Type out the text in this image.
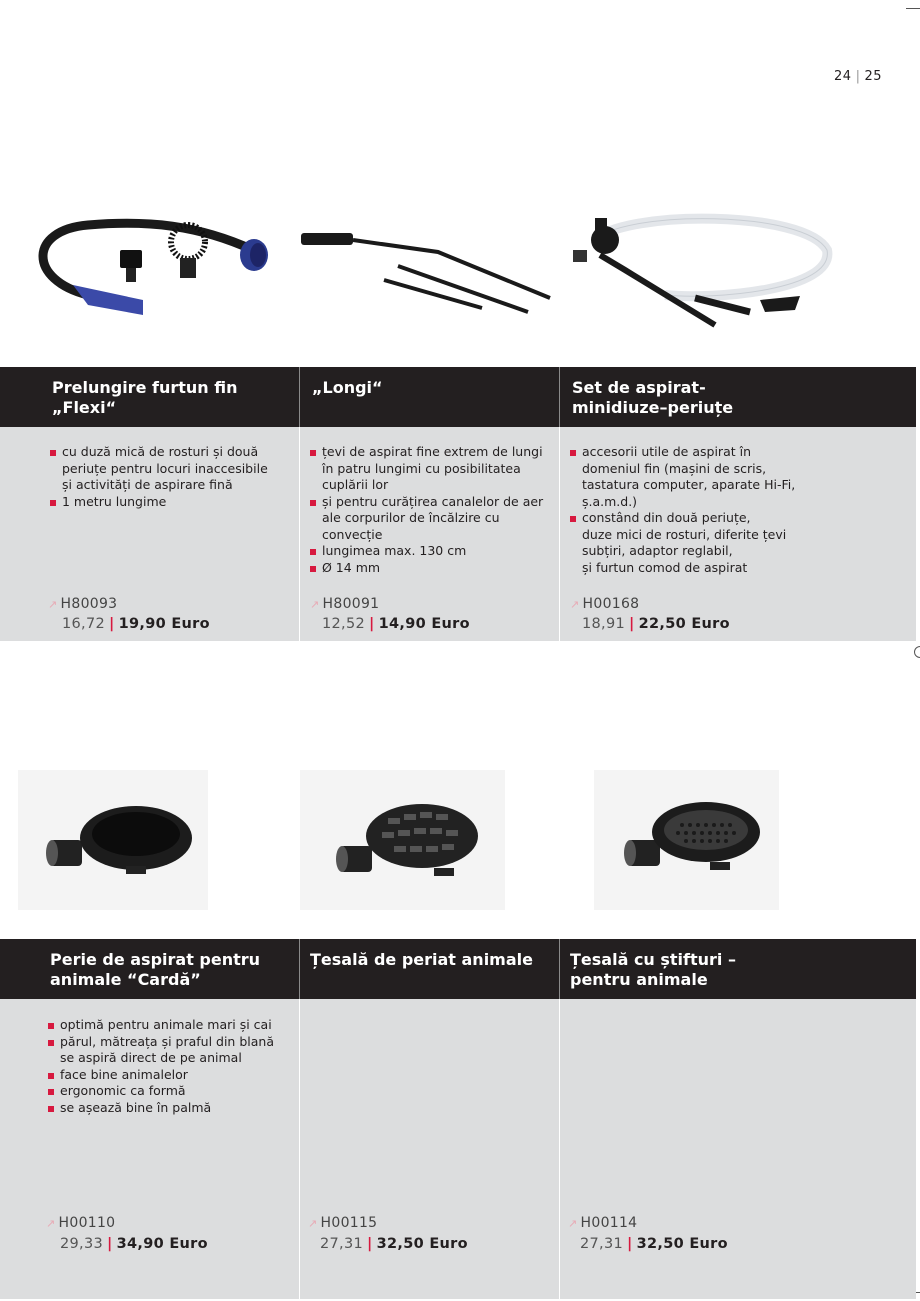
24 | 25
Prelungire furtun fin
„Flexi“
„Longi“	Set de aspirat-
minidiuze–periuțe
cu duză mică de rosturi și două
periuțe pentru locuri inaccesibile
și activități de aspirare fină
1 metru lungime
↗ H80093
16,72 | 19,90 Euro
țevi de aspirat fine extrem de lungi
în patru lungimi cu posibilitatea
cuplării lor
și pentru curățirea canalelor de aer
ale corpurilor de încălzire cu convecție
lungimea max. 130 cm
Ø 14 mm
↗ H80091
12,52 | 14,90 Euro
accesorii utile de aspirat în
domeniul fin (mașini de scris,
tastatura computer, aparate Hi-Fi,
ș.a.m.d.)
constând din două periuțe,
duze mici de rosturi, diferite țevi
subțiri, adaptor reglabil,
și furtun comod de aspirat
↗ H00168
18,91 | 22,50 Euro
Perie de aspirat pentru
animale “Cardă”
Țesală de periat animale	Țesală cu știfturi –
pentru animale
optimă pentru animale mari și cai
părul, mătreața și praful din blană
se aspiră direct de pe animal
face bine animalelor
ergonomic ca formă
se așează bine în palmă
↗ H00110
29,33 | 34,90 Euro
↗ H00115
27,31 | 32,50 Euro
↗ H00114
27,31 | 32,50 Euro
